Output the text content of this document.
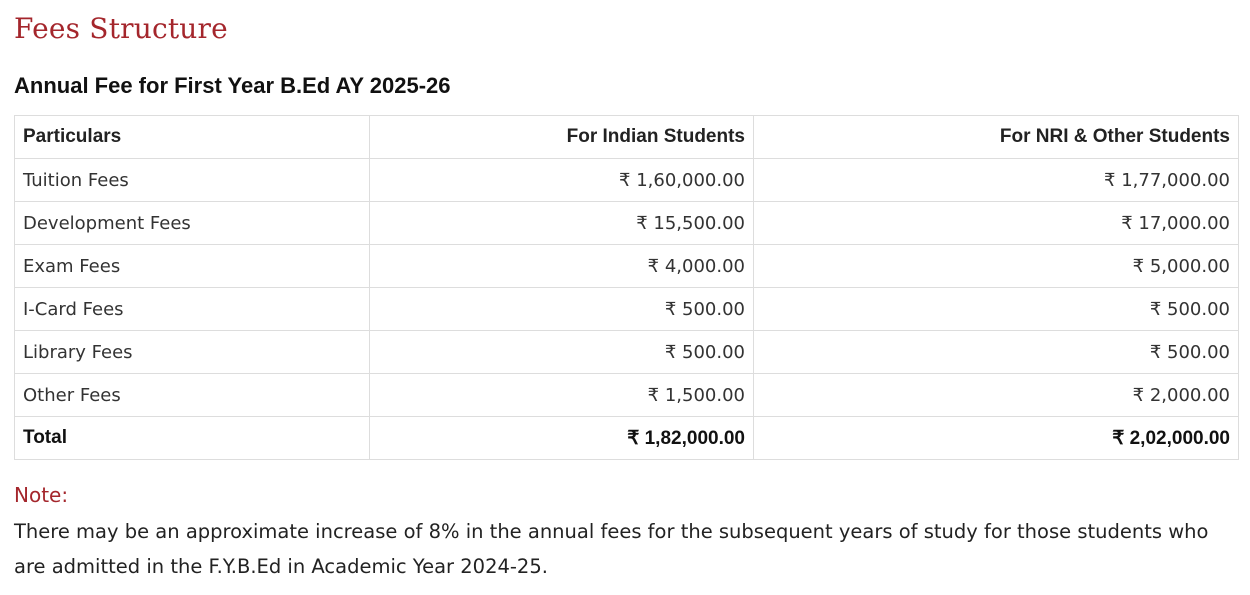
Fees Structure
Annual Fee for First Year B.Ed AY 2025-26
Particulars	For Indian Students	For NRI & Other Students
Tuition Fees	₹ 1,60,000.00	₹ 1,77,000.00
Development Fees	₹ 15,500.00	₹ 17,000.00
Exam Fees	₹ 4,000.00	₹ 5,000.00
I-Card Fees	₹ 500.00	₹ 500.00
Library Fees	₹ 500.00	₹ 500.00
Other Fees	₹ 1,500.00	₹ 2,000.00
Total	₹ 1,82,000.00	₹ 2,02,000.00
Note:

There may be an approximate increase of 8% in the annual fees for the subsequent years of study for those students who are admitted in the F.Y.B.Ed in Academic Year 2024-25.
